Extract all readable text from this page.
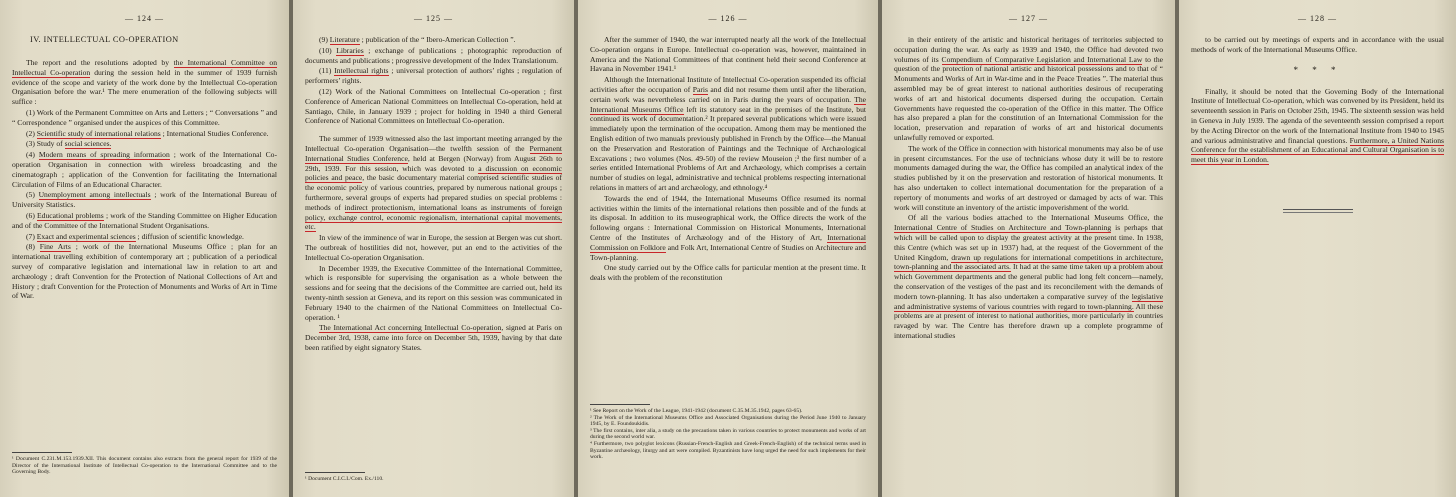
— 124 —
IV. INTELLECTUAL CO-OPERATION

The report and the resolutions adopted by the International Committee on Intellectual Co-operation during the session held in the summer of 1939 furnish evidence of the scope and variety of the work done by the Intellectual Co-operation Organisation before the war.¹ The mere enumeration of the following subjects will suffice :

(1) Work of the Permanent Committee on Arts and Letters ; “ Conversations ” and “ Correspondence ” organised under the auspices of this Committee.

(2) Scientific study of international relations ; International Studies Conference.

(3) Study of social sciences.

(4) Modern means of spreading information ; work of the International Co-operation Organisation in connection with wireless broadcasting and the cinematograph ; application of the Convention for facilitating the International Circulation of Films of an Educational Character.

(5) Unemployment among intellectuals ; work of the International Bureau of University Statistics.

(6) Educational problems ; work of the Standing Committee on Higher Education and of the Committee of the International Student Organisations.

(7) Exact and experimental sciences ; diffusion of scientific knowledge.

(8) Fine Arts ; work of the International Museums Office ; plan for an international travelling exhibition of contemporary art ; publication of a periodical survey of comparative legislation and international law in relation to art and archæology ; draft Convention for the Protection of National Collections of Art and History ; draft Convention for the Protection of Monuments and Works of Art in Time of War.

¹ Document C.231.M.153.1939.XII. This document contains also extracts from the general report for 1939 of the Director of the International Institute of Intellectual Co-operation to the International Committee and to the Governing Body.
— 125 —

(9) Literature ; publication of the “ Ibero-American Collection ”.

(10) Libraries ; exchange of publications ; photographic reproduction of documents and publications ; progressive development of the Index Translationum.

(11) Intellectual rights ; universal protection of authors’ rights ; regulation of performers’ rights.

(12) Work of the National Committees on Intellectual Co-operation ; first Conference of American National Committees on Intellectual Co-operation, held at Santiago, Chile, in January 1939 ; project for holding in 1940 a third General Conference of National Committees on Intellectual Co-operation.

The summer of 1939 witnessed also the last important meeting arranged by the Intellectual Co-operation Organisation—the twelfth session of the Permanent International Studies Conference, held at Bergen (Norway) from August 26th to 29th, 1939. For this session, which was devoted to a discussion on economic policies and peace, the basic documentary material comprised scientific studies of the economic policy of various countries, prepared by numerous national groups ; furthermore, several groups of experts had prepared studies on special problems : methods of indirect protectionism, international loans as instruments of foreign policy, exchange control, economic regionalism, international capital movements, etc.

In view of the imminence of war in Europe, the session at Bergen was cut short. The outbreak of hostilities did not, however, put an end to the activities of the Intellectual Co-operation Organisation.

In December 1939, the Executive Committee of the International Committee, which is responsible for supervising the organisation as a whole between the sessions and for seeing that the decisions of the Committee are carried out, held its twenty-ninth session at Geneva, and its report on this session was communicated in February 1940 to the chairmen of the National Committees on Intellectual Co-operation. ¹

The International Act concerning Intellectual Co-operation, signed at Paris on December 3rd, 1938, came into force on December 5th, 1939, having by that date been ratified by eight signatory States.

¹ Document C.I.C.I./Com. Ex./110.
— 126 —

After the summer of 1940, the war interrupted nearly all the work of the Intellectual Co-operation organs in Europe. Intellectual co-operation was, however, maintained in America and the National Committees of that continent held their second Conference at Havana in November 1941.¹

Although the International Institute of Intellectual Co-operation suspended its official activities after the occupation of Paris and did not resume them until after the liberation, certain work was nevertheless carried on in Paris during the years of occupation. The International Museums Office left its statutory seat in the premises of the Institute, but continued its work of documentation.² It prepared several publications which were issued immediately upon the termination of the occupation. Among them may be mentioned the English edition of two manuals previously published in French by the Office—the Manual on the Preservation and Restoration of Paintings and the Technique of Archæological Excavations ; two volumes (Nos. 49-50) of the review Mouseion ;³ the first number of a series entitled International Problems of Art and Archæology, which comprises a certain number of studies on legal, administrative and technical problems respecting international relations in matters of art and archæology, and ethnology.⁴

Towards the end of 1944, the International Museums Office resumed its normal activities within the limits of the international relations then possible and of the funds at its disposal. In addition to its museographical work, the Office directs the work of the following organs : International Commission on Historical Monuments, International Centre of the Institutes of Archæology and of the History of Art, International Commission on Folklore and Folk Art, International Centre of Studies on Architecture and Town-planning.

One study carried out by the Office calls for particular mention at the present time. It deals with the problem of the reconstitution

¹ See Report on the Work of the League, 1941-1942 (document C.35.M.35.1942, pages 63-65).
² The Work of the International Museums Office and Associated Organisations during the Period June 1940 to January 1945, by E. Foundoukidis.
³ The first contains, inter alia, a study on the precautions taken in various countries to protect monuments and works of art during the second world war.
⁴ Furthermore, two polyglot lexicons (Russian-French-English and Greek-French-English) of the technical terms used in Byzantine archæology, liturgy and art were compiled. Byzantinists have long urged the need for such implements for their work.
— 127 —

in their entirety of the artistic and historical heritages of territories subjected to occupation during the war. As early as 1939 and 1940, the Office had devoted two volumes of its Compendium of Comparative Legislation and International Law to the question of the protection of national artistic and historical possessions and to that of “ Monuments and Works of Art in War-time and in the Peace Treaties ”. The material thus assembled may be of great interest to national authorities desirous of recuperating works of art and historical documents dispersed during the occupation. Certain Governments have requested the co-operation of the Office in this matter. The Office has also prepared a plan for the constitution of an International Commission for the location, preservation and reparation of works of art and historical documents unlawfully removed or exported.

The work of the Office in connection with historical monuments may also be of use in present circumstances. For the use of technicians whose duty it will be to restore monuments damaged during the war, the Office has compiled an analytical index of the studies published by it on the preservation and restoration of historical monuments. It has also undertaken to collect international documentation for the preparation of a repertory of monuments and works of art destroyed or damaged by acts of war. This work will constitute an inventory of the artistic impoverishment of the world.

Of all the various bodies attached to the International Museums Office, the International Centre of Studies on Architecture and Town-planning is perhaps that which will be called upon to display the greatest activity at the present time. In 1938, this Centre (which was set up in 1937) had, at the request of the Government of the United Kingdom, drawn up regulations for international competitions in architecture, town-planning and the associated arts. It had at the same time taken up a problem about which Government departments and the general public had long felt concern—namely, the conservation of the vestiges of the past and its reconcilement with the demands of modern town-planning. It has also undertaken a comparative survey of the legislative and administrative systems of various countries with regard to town-planning. All these problems are at present of interest to national authorities, more particularly in countries ravaged by war. The Centre has therefore drawn up a complete programme of international studies

— 128 —

to be carried out by meetings of experts and in accordance with the usual methods of work of the International Museums Office.

* * *

Finally, it should be noted that the Governing Body of the International Institute of Intellectual Co-operation, which was convened by its President, held its seventeenth session in Paris on October 25th, 1945. The sixteenth session was held in Geneva in July 1939. The agenda of the seventeenth session comprised a report by the Acting Director on the work of the International Institute from 1940 to 1945 and various administrative and financial questions. Furthermore, a United Nations Conference for the establishment of an Educational and Cultural Organisation is to meet this year in London.
